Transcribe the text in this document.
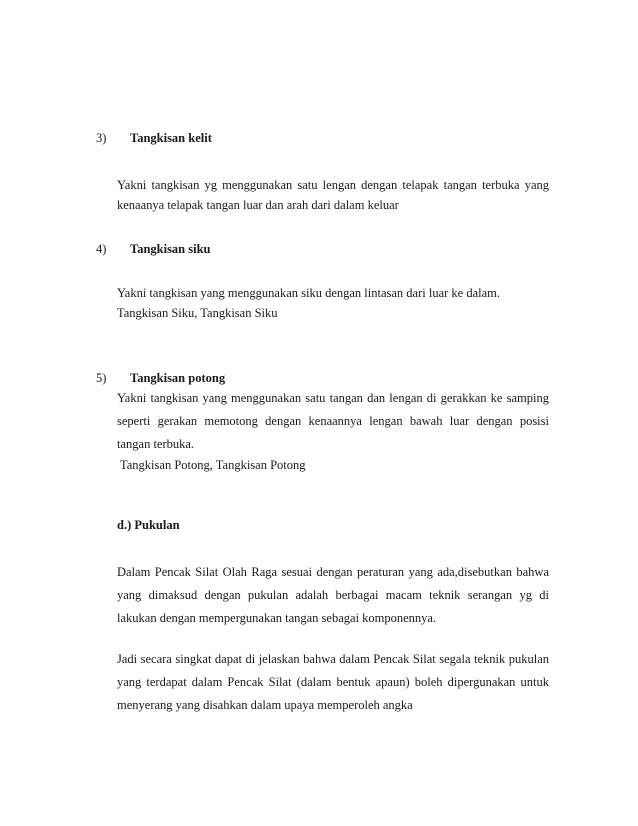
3) Tangkisan kelit

Yakni tangkisan yg menggunakan satu lengan dengan telapak tangan terbuka yang

kenaanya telapak tangan luar dan arah dari dalam keluar

4) Tangkisan siku

Yakni tangkisan yang menggunakan siku dengan lintasan dari luar ke dalam.

Tangkisan Siku, Tangkisan Siku

5) Tangkisan potong

Yakni tangkisan yang menggunakan satu tangan dan lengan di gerakkan ke samping

seperti gerakan memotong dengan kenaannya lengan bawah luar dengan posisi

tangan terbuka.

Tangkisan Potong, Tangkisan Potong

d.) Pukulan

Dalam Pencak Silat Olah Raga sesuai dengan peraturan yang ada,disebutkan bahwa

yang dimaksud dengan pukulan adalah berbagai macam teknik serangan yg di

lakukan dengan mempergunakan tangan sebagai komponennya.

Jadi secara singkat dapat di jelaskan bahwa dalam Pencak Silat segala teknik pukulan

yang terdapat dalam Pencak Silat (dalam bentuk apaun) boleh dipergunakan untuk

menyerang yang disahkan dalam upaya memperoleh angka
